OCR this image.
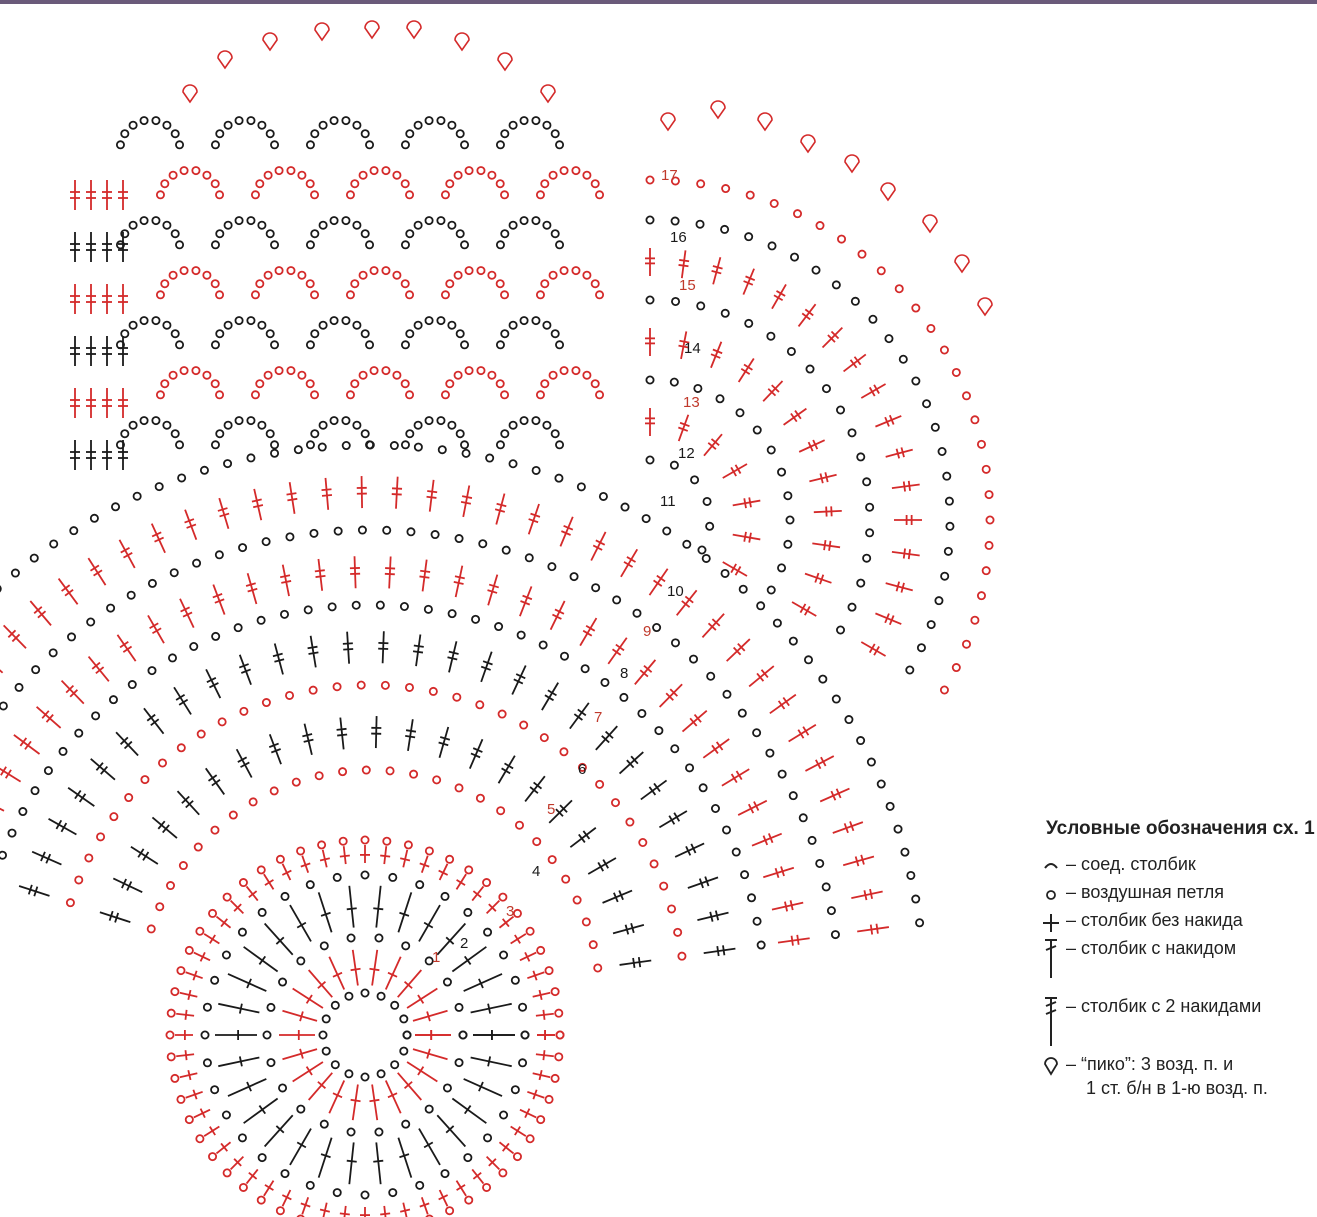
1
2
3
4
5
6
7
8
9
10
11
12
13
14
15
16
17
Условные обозначения сх. 1
– соед. столбик
– воздушная петля
– столбик без накида
– столбик с накидом
– столбик с 2 накидами
– “пико”: 3 возд. п. и
1 ст. б/н в 1-ю возд. п.
